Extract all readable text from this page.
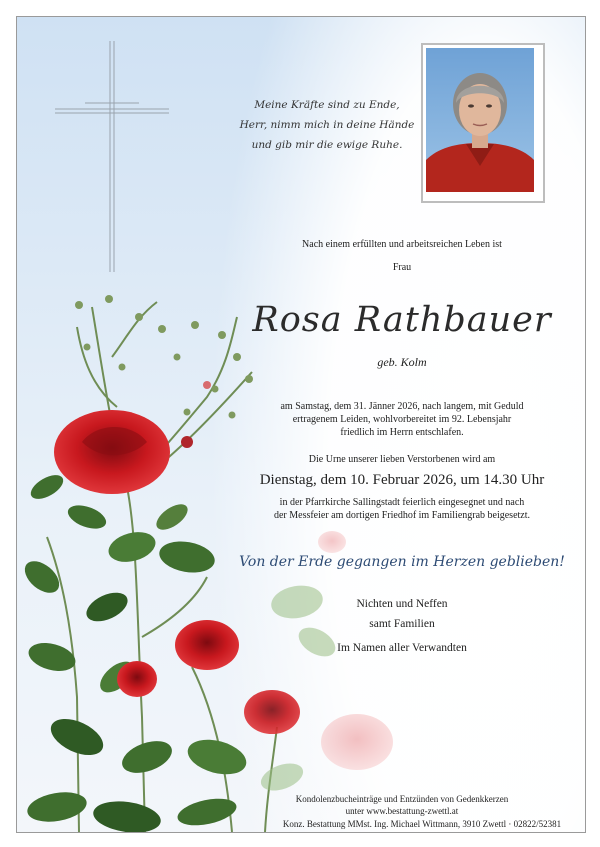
Meine Kräfte sind zu Ende,
Herr, nimm mich in deine Hände
und gib mir die ewige Ruhe.
Nach einem erfüllten und arbeitsreichen Leben ist
Frau
Rosa Rathbauer
geb. Kolm
am Samstag, dem 31. Jänner 2026, nach langem, mit Geduld
ertragenem Leiden, wohlvorbereitet im 92. Lebensjahr
friedlich im Herrn entschlafen.
Die Urne unserer lieben Verstorbenen wird am
Dienstag, dem 10. Februar 2026, um 14.30 Uhr
in der Pfarrkirche Sallingstadt feierlich eingesegnet und nach
der Messfeier am dortigen Friedhof im Familiengrab beigesetzt.
Von der Erde gegangen im Herzen geblieben!
Nichten und Neffen
samt Familien
Im Namen aller Verwandten
Kondolenzbucheinträge und Entzünden von Gedenkkerzen
unter www.bestattung-zwettl.at
Konz. Bestattung MMst. Ing. Michael Wittmann, 3910 Zwettl · 02822/52381
